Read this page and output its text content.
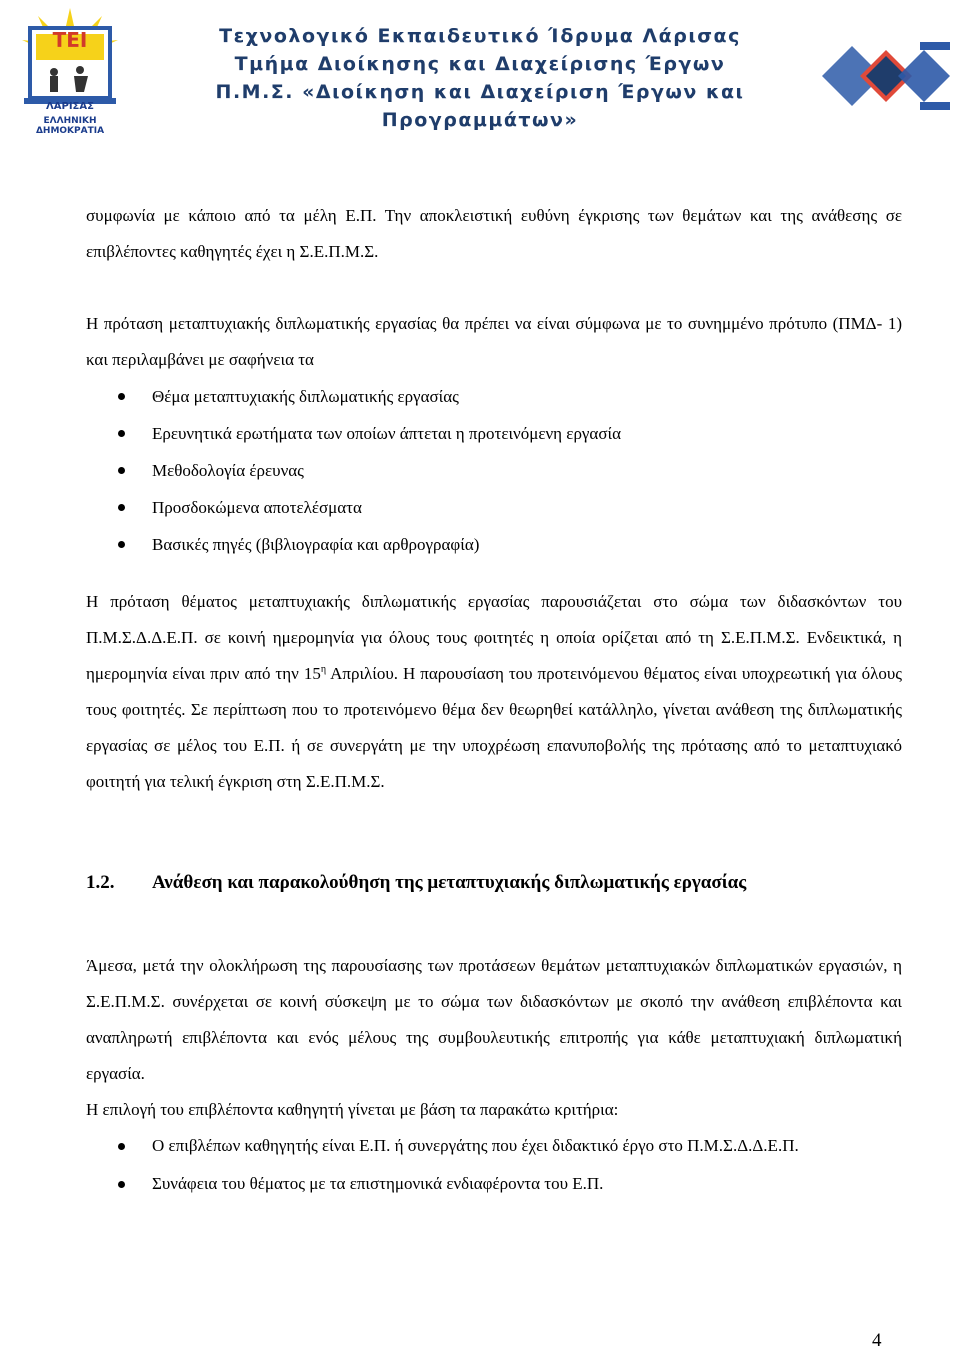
ΤΕΙ
ΛΑΡΙΣΑΣ
ΕΛΛΗΝΙΚΗ ΔΗΜΟΚΡΑΤΙΑ
Τεχνολογικό Εκπαιδευτικό Ίδρυμα Λάρισας
Τμήμα Διοίκησης και Διαχείρισης Έργων
Π.Μ.Σ. «Διοίκηση και Διαχείριση Έργων και
Προγραμμάτων»

συμφωνία με κάποιο από τα μέλη Ε.Π. Την αποκλειστική ευθύνη έγκρισης των θεμάτων και της ανάθεσης σε επιβλέποντες καθηγητές έχει η Σ.Ε.Π.Μ.Σ.

Η πρόταση μεταπτυχιακής διπλωματικής εργασίας θα πρέπει να είναι σύμφωνα με το συνημμένο πρότυπο (ΠΜΔ- 1) και περιλαμβάνει με σαφήνεια τα

Θέμα μεταπτυχιακής διπλωματικής εργασίας
Ερευνητικά ερωτήματα των οποίων άπτεται η προτεινόμενη εργασία
Μεθοδολογία έρευνας
Προσδοκώμενα αποτελέσματα
Βασικές πηγές (βιβλιογραφία και αρθρογραφία)

Η πρόταση θέματος μεταπτυχιακής διπλωματικής εργασίας παρουσιάζεται στο σώμα των διδασκόντων του Π.Μ.Σ.Δ.Δ.Ε.Π. σε κοινή ημερομηνία για όλους τους φοιτητές η οποία ορίζεται από τη Σ.Ε.Π.Μ.Σ. Ενδεικτικά, η ημερομηνία είναι πριν από την $15^\eta$ Απριλίου. Η παρουσίαση του προτεινόμενου θέματος είναι υποχρεωτική για όλους τους φοιτητές. Σε περίπτωση που το προτεινόμενο θέμα δεν θεωρηθεί κατάλληλο, γίνεται ανάθεση της διπλωματικής εργασίας σε μέλος του Ε.Π. ή σε συνεργάτη με την υποχρέωση επανυποβολής της πρότασης από το μεταπτυχιακό φοιτητή για τελική έγκριση στη Σ.Ε.Π.Μ.Σ.

1.2. Ανάθεση και παρακολούθηση της μεταπτυχιακής διπλωματικής εργασίας

Άμεσα, μετά την ολοκλήρωση της παρουσίασης των προτάσεων θεμάτων μεταπτυχιακών διπλωματικών εργασιών, η Σ.Ε.Π.Μ.Σ. συνέρχεται σε κοινή σύσκεψη με το σώμα των διδασκόντων με σκοπό την ανάθεση επιβλέποντα και αναπληρωτή επιβλέποντα και ενός μέλους της συμβουλευτικής επιτροπής για κάθε μεταπτυχιακή διπλωματική εργασία.

Η επιλογή του επιβλέποντα καθηγητή γίνεται με βάση τα παρακάτω κριτήρια:

Ο επιβλέπων καθηγητής είναι Ε.Π. ή συνεργάτης που έχει διδακτικό έργο στο Π.Μ.Σ.Δ.Δ.Ε.Π.
Συνάφεια του θέματος με τα επιστημονικά ενδιαφέροντα του Ε.Π.
4
